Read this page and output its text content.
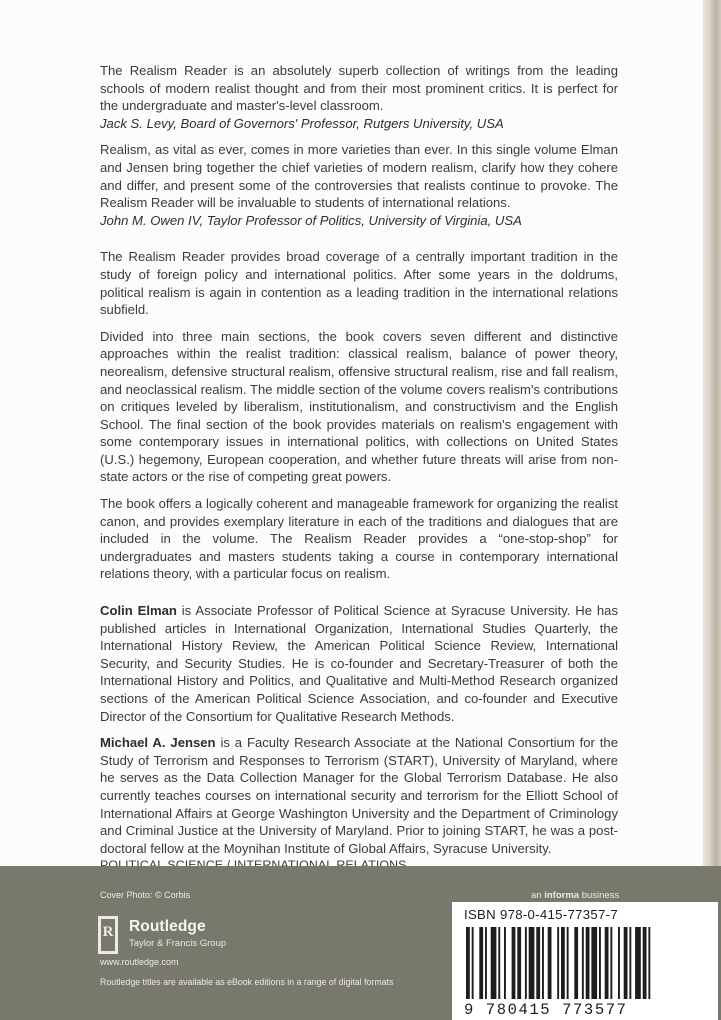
The Realism Reader is an absolutely superb collection of writings from the leading schools of modern realist thought and from their most prominent critics. It is perfect for the undergraduate and master's-level classroom.

Jack S. Levy, Board of Governors' Professor, Rutgers University, USA

Realism, as vital as ever, comes in more varieties than ever. In this single volume Elman and Jensen bring together the chief varieties of modern realism, clarify how they cohere and differ, and present some of the controversies that realists continue to provoke. The Realism Reader will be invaluable to students of international relations.

John M. Owen IV, Taylor Professor of Politics, University of Virginia, USA

The Realism Reader provides broad coverage of a centrally important tradition in the study of foreign policy and international politics. After some years in the doldrums, political realism is again in contention as a leading tradition in the international relations subfield.

Divided into three main sections, the book covers seven different and distinctive approaches within the realist tradition: classical realism, balance of power theory, neorealism, defensive structural realism, offensive structural realism, rise and fall realism, and neoclassical realism. The middle section of the volume covers realism's contributions on critiques leveled by liberalism, institutionalism, and constructivism and the English School. The final section of the book provides materials on realism's engagement with some contemporary issues in international politics, with collections on United States (U.S.) hegemony, European cooperation, and whether future threats will arise from non-state actors or the rise of competing great powers.

The book offers a logically coherent and manageable framework for organizing the realist canon, and provides exemplary literature in each of the traditions and dialogues that are included in the volume. The Realism Reader provides a “one-stop-shop” for undergraduates and masters students taking a course in contemporary international relations theory, with a particular focus on realism.

Colin Elman is Associate Professor of Political Science at Syracuse University. He has published articles in International Organization, International Studies Quarterly, the International History Review, the American Political Science Review, International Security, and Security Studies. He is co-founder and Secretary-Treasurer of both the International History and Politics, and Qualitative and Multi-Method Research organized sections of the American Political Science Association, and co-founder and Executive Director of the Consortium for Qualitative Research Methods.

Michael A. Jensen is a Faculty Research Associate at the National Consortium for the Study of Terrorism and Responses to Terrorism (START), University of Maryland, where he serves as the Data Collection Manager for the Global Terrorism Database. He also currently teaches courses on international security and terrorism for the Elliott School of International Affairs at George Washington University and the Department of Criminology and Criminal Justice at the University of Maryland. Prior to joining START, he was a post-doctoral fellow at the Moynihan Institute of Global Affairs, Syracuse University.

Cover Photo: © Corbis
R Routledge
Taylor & Francis Group
www.routledge.com
Routledge titles are available as eBook editions in a range of digital formats
an informa business
ISBN 978-0-415-77357-7
9 780415 773577
